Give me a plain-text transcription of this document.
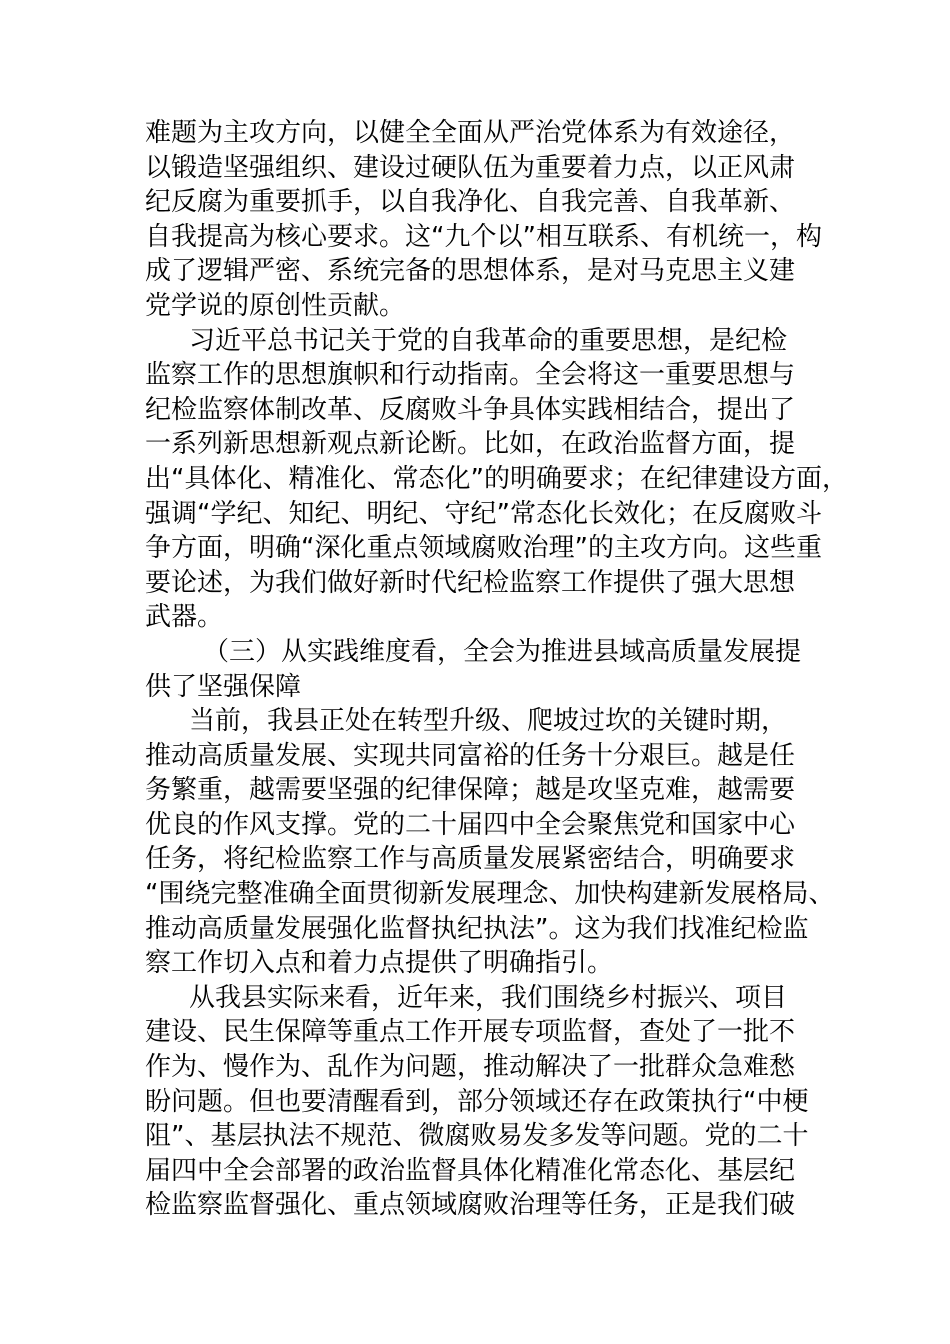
难题为主攻方向，以健全全面从严治党体系为有效途径，
以锻造坚强组织、建设过硬队伍为重要着力点，以正风肃
纪反腐为重要抓手，以自我净化、自我完善、自我革新、
自我提高为核心要求。这“九个以”相互联系、有机统一，构
成了逻辑严密、系统完备的思想体系，是对马克思主义建
党学说的原创性贡献。
习近平总书记关于党的自我革命的重要思想，是纪检
监察工作的思想旗帜和行动指南。全会将这一重要思想与
纪检监察体制改革、反腐败斗争具体实践相结合，提出了
一系列新思想新观点新论断。比如，在政治监督方面，提
出“具体化、精准化、常态化”的明确要求；在纪律建设方面，
强调“学纪、知纪、明纪、守纪”常态化长效化；在反腐败斗
争方面，明确“深化重点领域腐败治理”的主攻方向。这些重
要论述，为我们做好新时代纪检监察工作提供了强大思想
武器。
（三）从实践维度看，全会为推进县域高质量发展提
供了坚强保障
当前，我县正处在转型升级、爬坡过坎的关键时期，
推动高质量发展、实现共同富裕的任务十分艰巨。越是任
务繁重，越需要坚强的纪律保障；越是攻坚克难，越需要
优良的作风支撑。党的二十届四中全会聚焦党和国家中心
任务，将纪检监察工作与高质量发展紧密结合，明确要求
“围绕完整准确全面贯彻新发展理念、加快构建新发展格局、
推动高质量发展强化监督执纪执法”。这为我们找准纪检监
察工作切入点和着力点提供了明确指引。
从我县实际来看，近年来，我们围绕乡村振兴、项目
建设、民生保障等重点工作开展专项监督，查处了一批不
作为、慢作为、乱作为问题，推动解决了一批群众急难愁
盼问题。但也要清醒看到，部分领域还存在政策执行“中梗
阻”、基层执法不规范、微腐败易发多发等问题。党的二十
届四中全会部署的政治监督具体化精准化常态化、基层纪
检监察监督强化、重点领域腐败治理等任务，正是我们破
